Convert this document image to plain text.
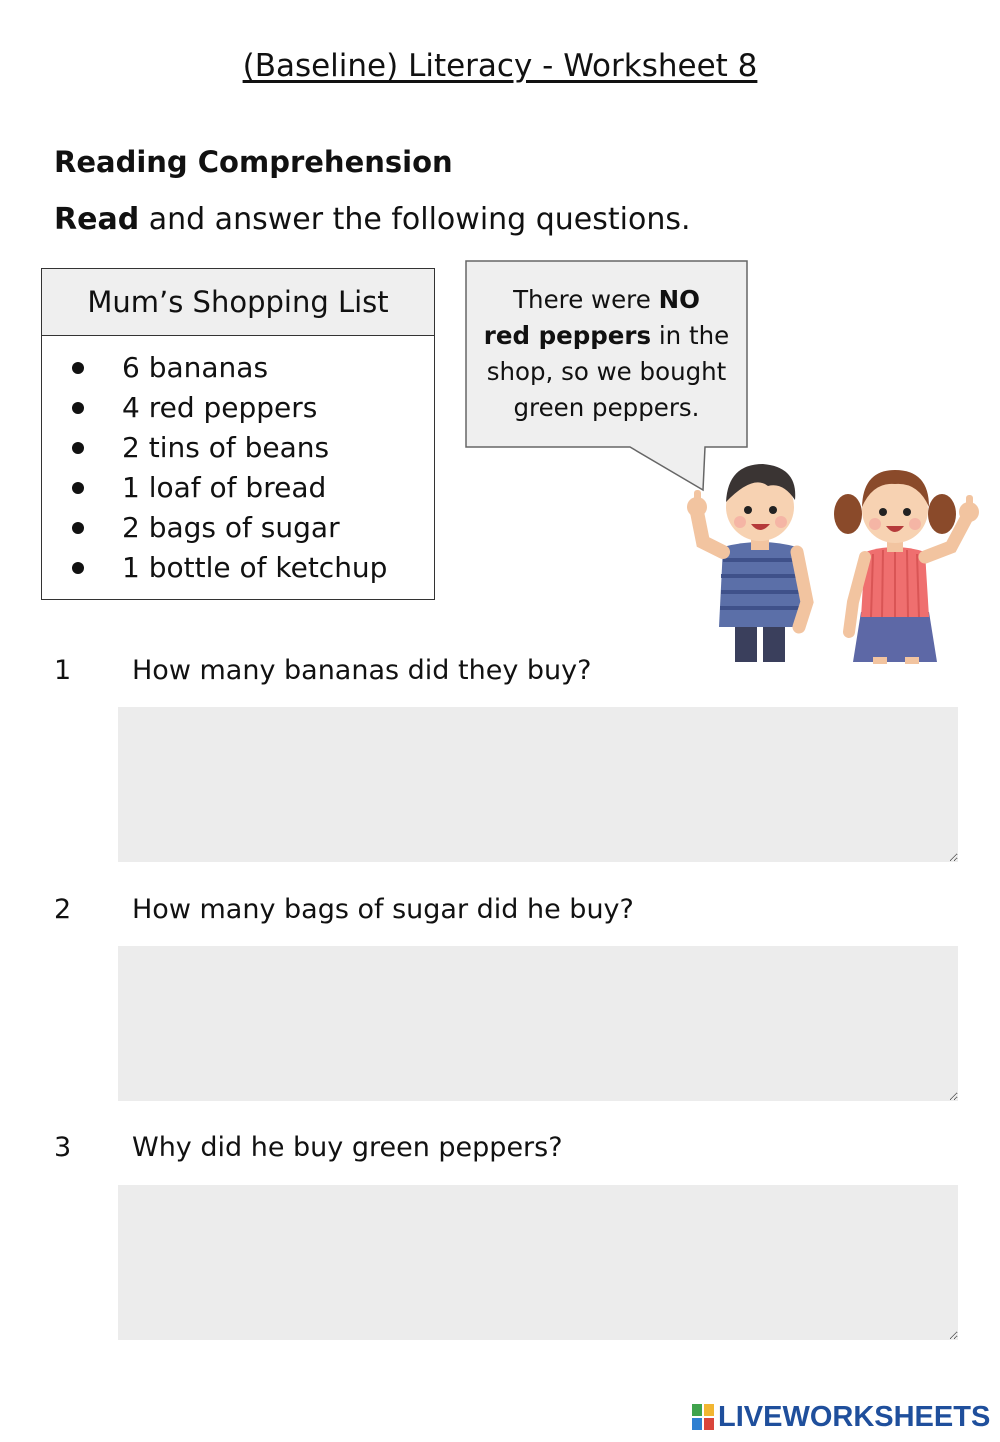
(Baseline) Literacy - Worksheet 8
Reading Comprehension
Read and answer the following questions.
Mum’s Shopping List
6 bananas
4 red peppers
2 tins of beans
1 loaf of bread
2 bags of sugar
1 bottle of ketchup
There were NO
red peppers in the
shop, so we bought
green peppers.
1 How many bananas did they buy?
2 How many bags of sugar did he buy?
3 Why did he buy green peppers?
LIVEWORKSHEETS
